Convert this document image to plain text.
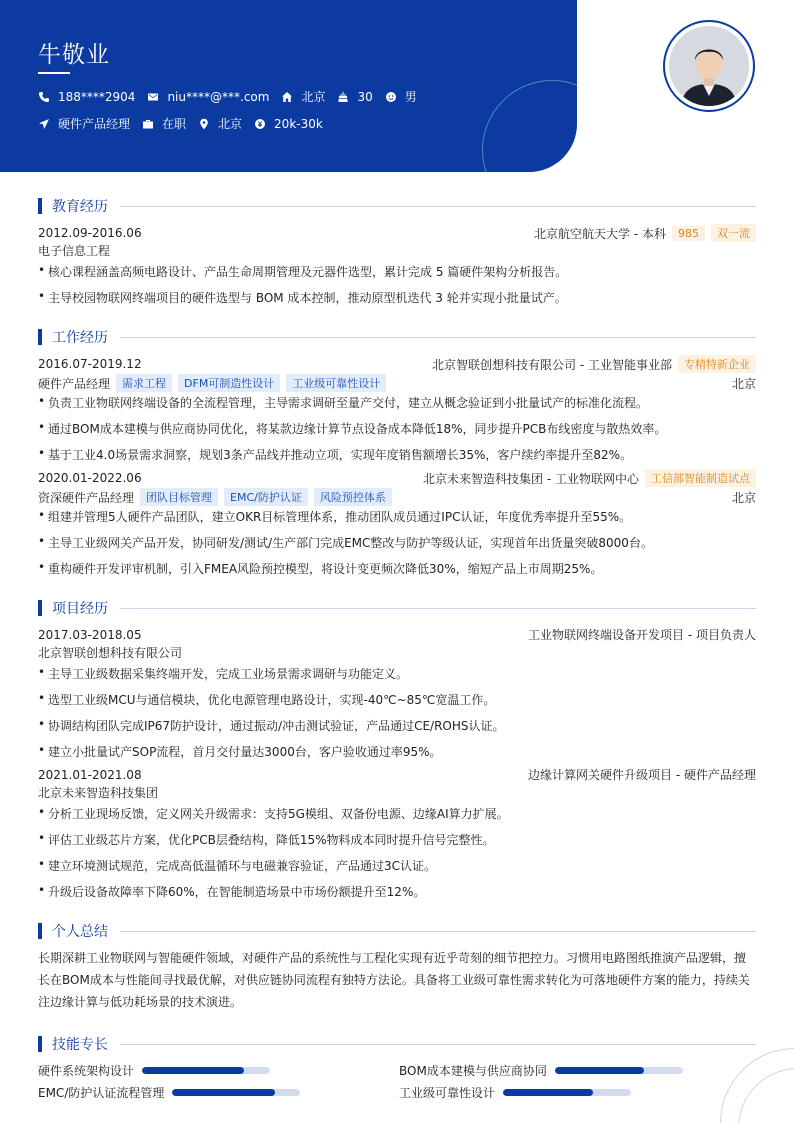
牛敬业
188****2904	niu****@***.com	北京	30	男
硬件产品经理	在职	北京	20k-30k
教育经历
2012.09-2016.06	北京航空航天大学 - 本科	985	双一流
电子信息工程
• 核心课程涵盖高频电路设计、产品生命周期管理及元器件选型，累计完成 5 篇硬件架构分析报告。
• 主导校园物联网终端项目的硬件选型与 BOM 成本控制，推动原型机迭代 3 轮并实现小批量试产。
工作经历
2016.07-2019.12	北京智联创想科技有限公司 - 工业智能事业部	专精特新企业
硬件产品经理	需求工程	DFM可制造性设计	工业级可靠性设计	北京
• 负责工业物联网终端设备的全流程管理，主导需求调研至量产交付，建立从概念验证到小批量试产的标准化流程。
• 通过BOM成本建模与供应商协同优化，将某款边缘计算节点设备成本降低18%，同步提升PCB布线密度与散热效率。
• 基于工业4.0场景需求洞察，规划3条产品线并推动立项，实现年度销售额增长35%，客户续约率提升至82%。
2020.01-2022.06	北京未来智造科技集团 - 工业物联网中心	工信部智能制造试点
资深硬件产品经理	团队目标管理	EMC/防护认证	风险预控体系	北京
• 组建并管理5人硬件产品团队，建立OKR目标管理体系，推动团队成员通过IPC认证，年度优秀率提升至55%。
• 主导工业级网关产品开发，协同研发/测试/生产部门完成EMC整改与防护等级认证，实现首年出货量突破8000台。
• 重构硬件开发评审机制，引入FMEA风险预控模型，将设计变更频次降低30%，缩短产品上市周期25%。
项目经历
2017.03-2018.05	工业物联网终端设备开发项目 - 项目负责人
北京智联创想科技有限公司
• 主导工业级数据采集终端开发，完成工业场景需求调研与功能定义。
• 选型工业级MCU与通信模块，优化电源管理电路设计，实现-40℃~85℃宽温工作。
• 协调结构团队完成IP67防护设计，通过振动/冲击测试验证，产品通过CE/ROHS认证。
• 建立小批量试产SOP流程，首月交付量达3000台，客户验收通过率95%。
2021.01-2021.08	边缘计算网关硬件升级项目 - 硬件产品经理
北京未来智造科技集团
• 分析工业现场反馈，定义网关升级需求：支持5G模组、双备份电源、边缘AI算力扩展。
• 评估工业级芯片方案，优化PCB层叠结构，降低15%物料成本同时提升信号完整性。
• 建立环境测试规范，完成高低温循环与电磁兼容验证，产品通过3C认证。
• 升级后设备故障率下降60%，在智能制造场景中市场份额提升至12%。
个人总结
长期深耕工业物联网与智能硬件领域，对硬件产品的系统性与工程化实现有近乎苛刻的细节把控力。习惯用电路图纸推演产品逻辑，擅长在BOM成本与性能间寻找最优解，对供应链协同流程有独特方法论。具备将工业级可靠性需求转化为可落地硬件方案的能力，持续关注边缘计算与低功耗场景的技术演进。
技能专长
硬件系统架构设计	BOM成本建模与供应商协同
EMC/防护认证流程管理	工业级可靠性设计
